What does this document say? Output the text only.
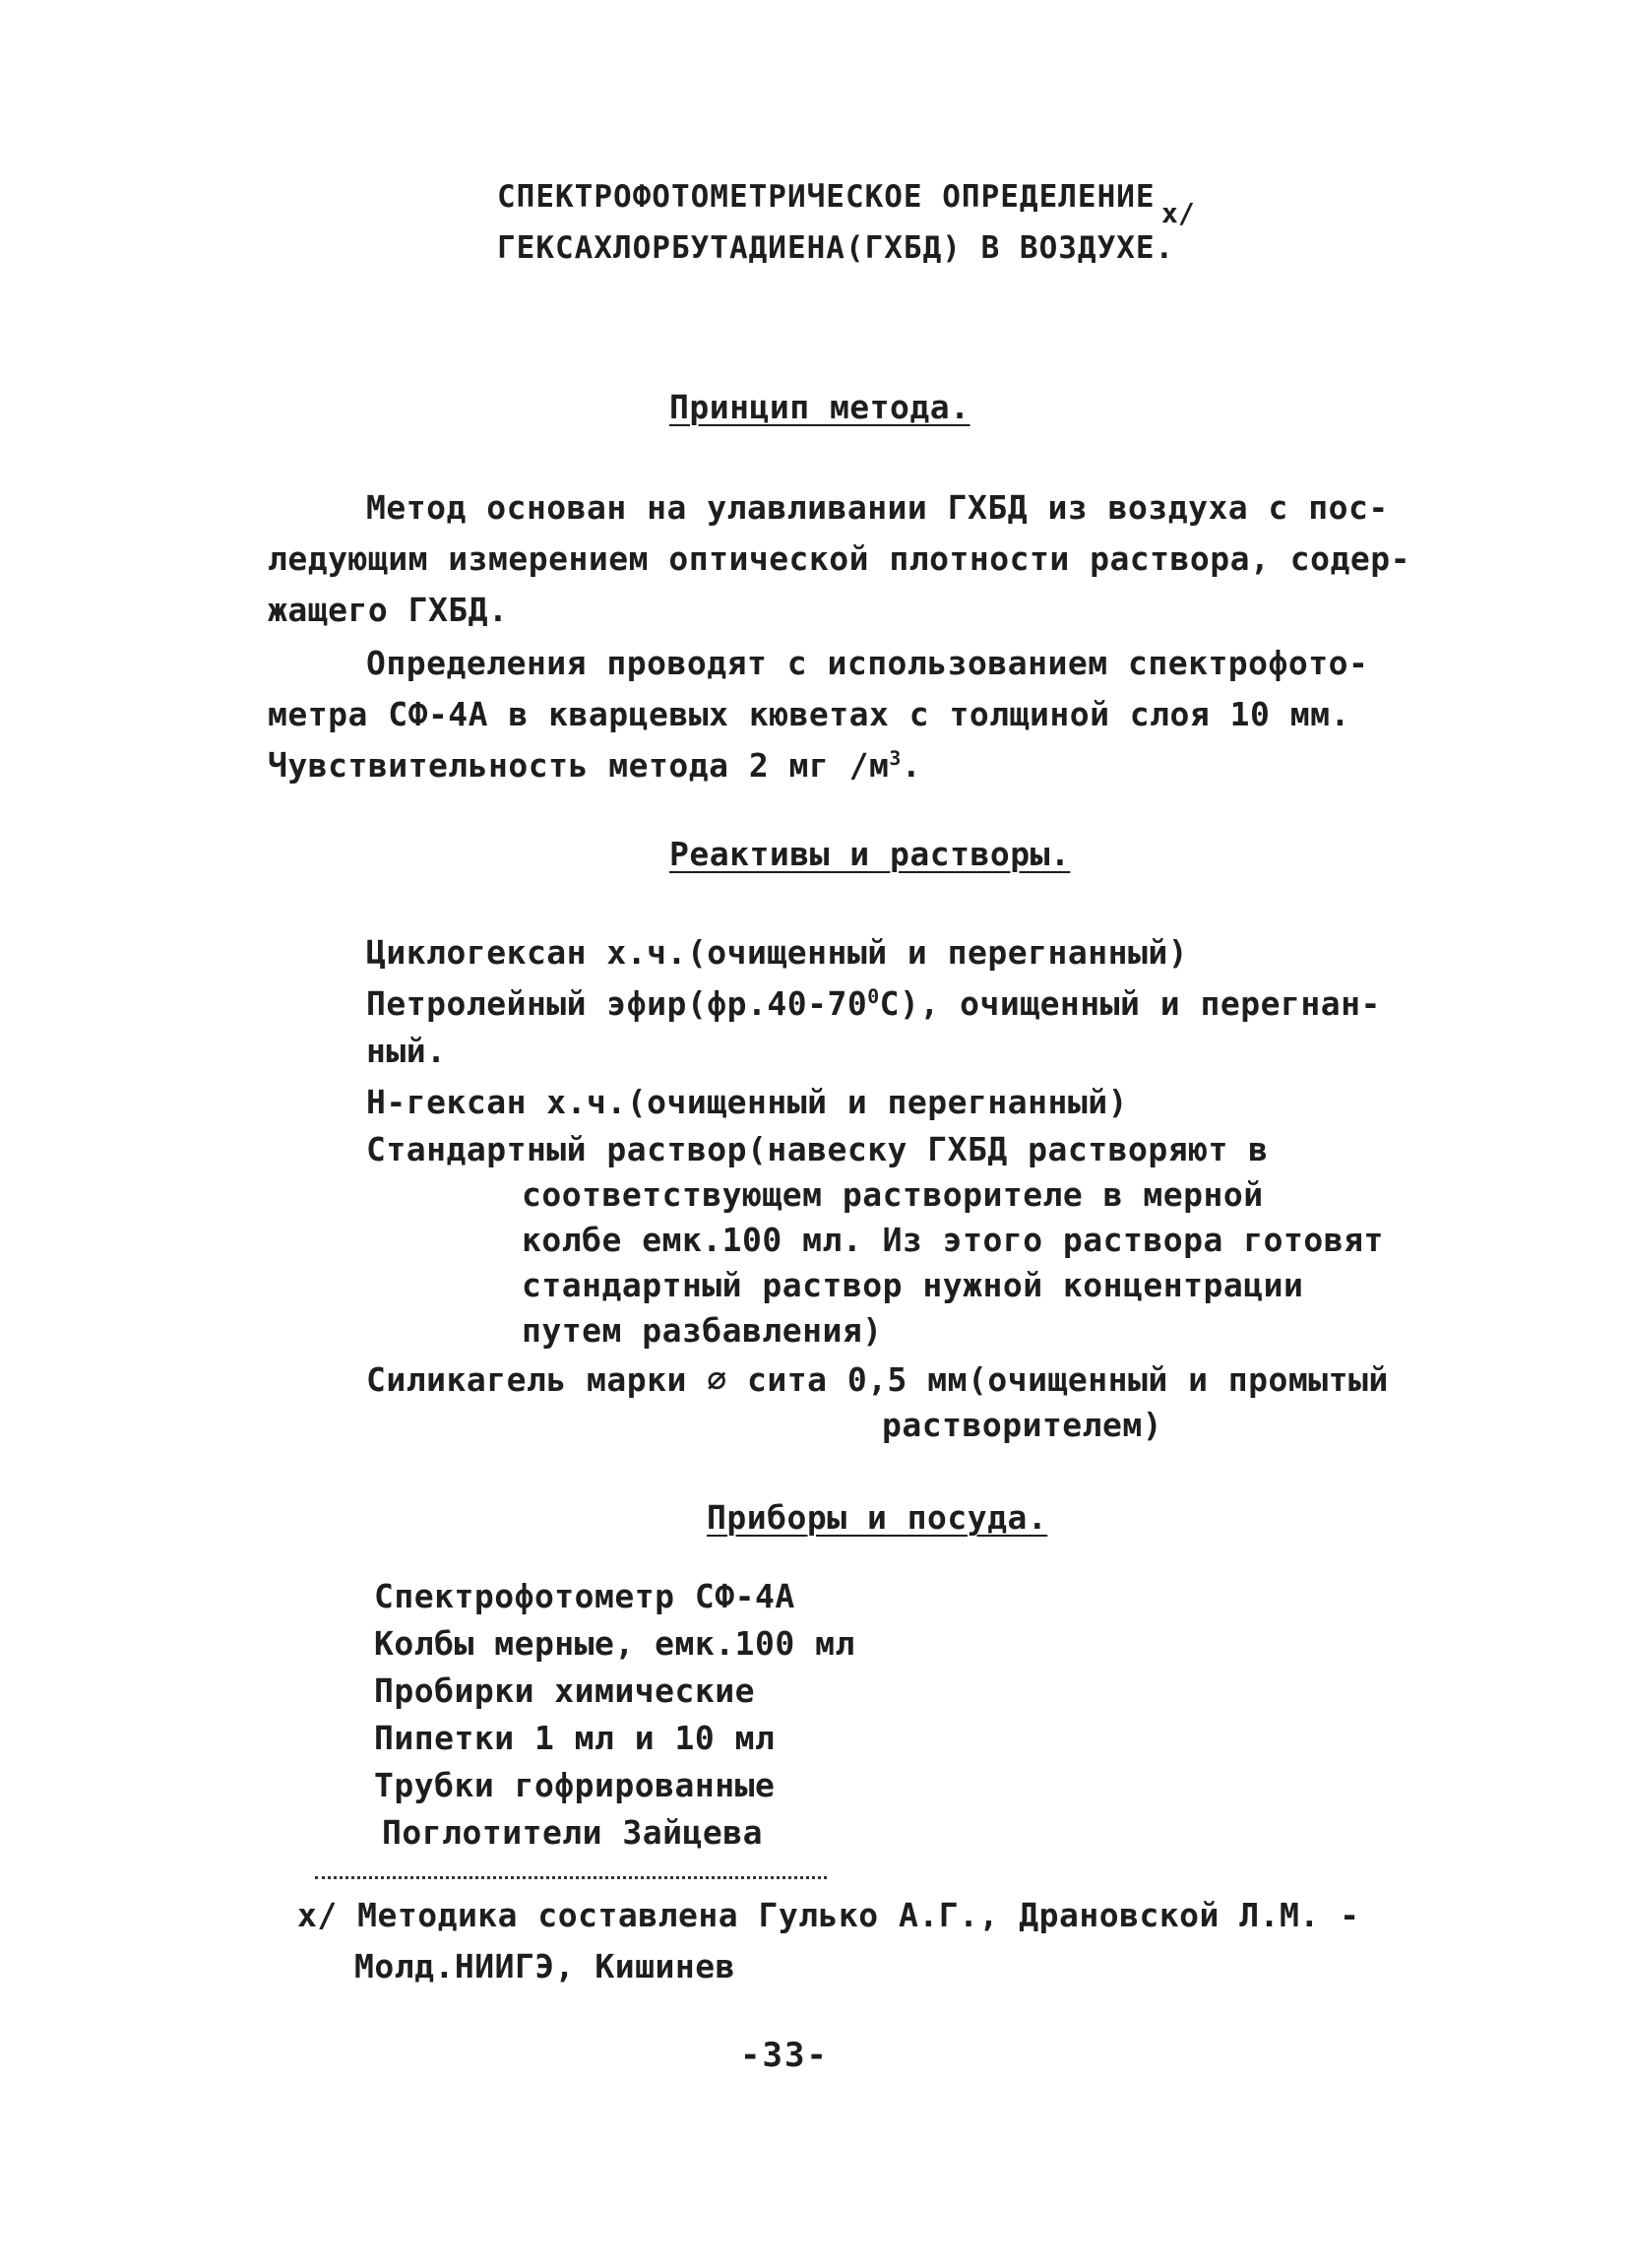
СПЕКТРОФОТОМЕТРИЧЕСКОЕ ОПРЕДЕЛЕНИЕ
ГЕКСАХЛОРБУТАДИЕНА(ГХБД) В ВОЗДУХЕ.
х/
Принцип метода.
Метод основан на улавливании ГХБД из воздуха с пос-
ледующим измерением оптической плотности раствора, содер-
жащего ГХБД.
Определения проводят с использованием спектрофото-
метра СФ-4А в кварцевых кюветах с толщиной слоя 10 мм.
Чувствительность метода 2 мг $/м^3$.
Реактивы и растворы.
Циклогексан х.ч.(очищенный и перегнанный)
Петролейный $эфир(фр.40-70^0С)$, очищенный и перегнан-
ный.
Н-гексан х.ч.(очищенный и перегнанный)
Стандартный раствор(навеску ГХБД растворяют в
соответствующем растворителе в мерной
колбе емк.100 мл. Из этого раствора готовят
стандартный раствор нужной концентрации
путем разбавления)
Силикагель марки ∅ сита 0,5 мм(очищенный и промытый
растворителем)
Приборы и посуда.
Спектрофотометр СФ-4А
Колбы мерные, емк.100 мл
Пробирки химические
Пипетки 1 мл и 10 мл
Трубки гофрированные
Поглотители Зайцева
х/ Методика составлена Гулько А.Г., Драновской Л.М. -
Молд.НИИГЭ, Кишинев
-33-
